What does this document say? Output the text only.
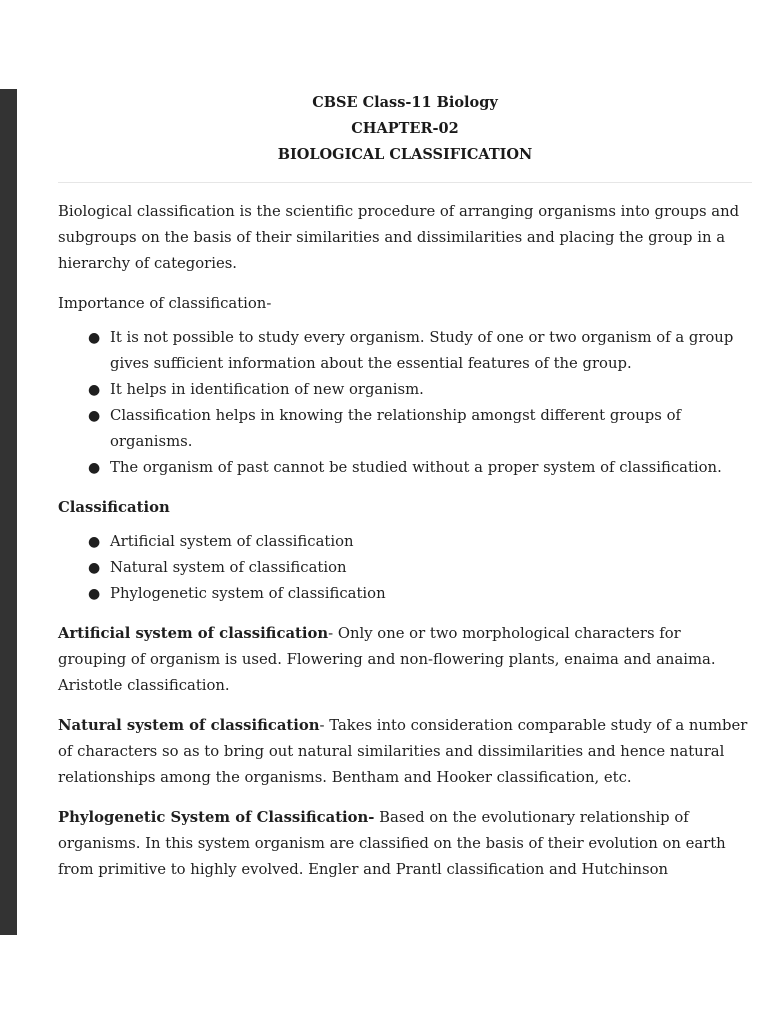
CBSE Class-11 Biology
CHAPTER-02
BIOLOGICAL CLASSIFICATION

Biological classification is the scientific procedure of arranging organisms into groups and subgroups on the basis of their similarities and dissimilarities and placing the group in a hierarchy of categories.

Importance of classification-

● It is not possible to study every organism. Study of one or two organism of a group gives sufficient information about the essential features of the group.
● It helps in identification of new organism.
● Classification helps in knowing the relationship amongst different groups of organisms.
● The organism of past cannot be studied without a proper system of classification.
Classification
● Artificial system of classification
● Natural system of classification
● Phylogenetic system of classification

Artificial system of classification- Only one or two morphological characters for grouping of organism is used. Flowering and non-flowering plants, enaima and anaima. Aristotle classification.

Natural system of classification- Takes into consideration comparable study of a number of characters so as to bring out natural similarities and dissimilarities and hence natural relationships among the organisms. Bentham and Hooker classification, etc.

Phylogenetic System of Classification- Based on the evolutionary relationship of organisms. In this system organism are classified on the basis of their evolution on earth from primitive to highly evolved. Engler and Prantl classification and Hutchinson
